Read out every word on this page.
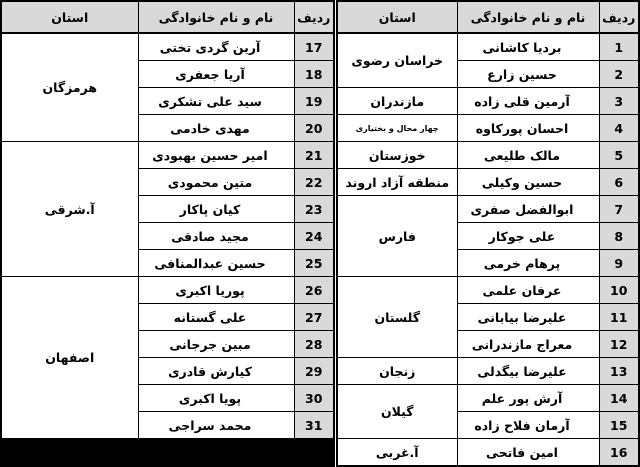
ردیف	نام و نام خانوادگی	استان
1	بردیا کاشانی	خراسان رضوی
2	حسین زارع	
3	آرمین قلی زاده	مازندران
4	احسان پورکاوه	چهار محال و بختیاری
5	مالک طلیعی	خوزستان
6	حسین وکیلی	منطقه آزاد اروند
7	ابوالفضل صفری	فارس
8	علی جوکار	
9	پرهام خرمی	
10	عرفان علمی	گلستان
11	علیرضا بیابانی	
12	معراج مازندرانی	
13	علیرضا بیگدلی	زنجان
14	آرش پور علم	گیلان
15	آرمان فلاح زاده	
16	امین فاتحی	آ.غربی
ردیف	نام و نام خانوادگی	استان
17	آرین گردی تختی	هرمزگان
18	آریا جعفری	
19	سید علی تشکری	
20	مهدی خادمی	
21	امیر حسین بهبودی	آ.شرقی
22	متین محمودی	
23	کیان پاکار	
24	مجید صادقی	
25	حسین عبدالمنافی	
26	پوریا اکبری	اصفهان
27	علی گستانه	
28	مبین جرجانی	
29	کیارش قادری	
30	پویا اکبری	
31	محمد سراجی	
